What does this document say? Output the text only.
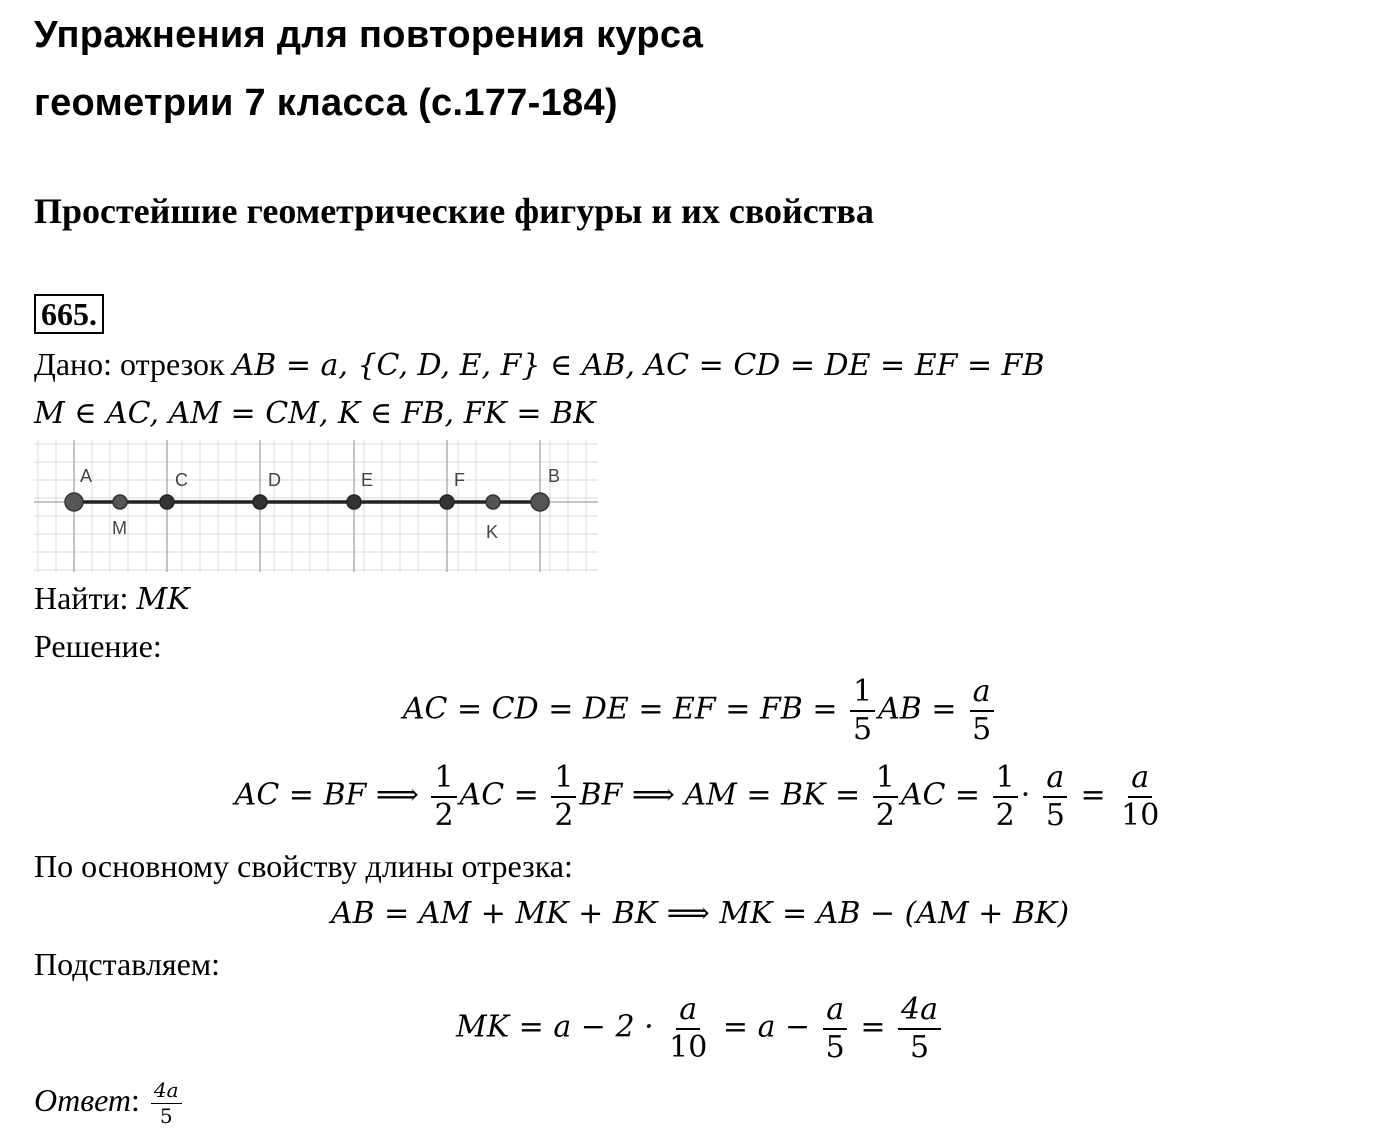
Упражнения для повторения курса
геометрии 7 класса (с.177-184)
Простейшие геометрические фигуры и их свойства
665.
Дано: отрезок AB = a, {C, D, E, F} ∈ AB, AC = CD = DE = EF = FB
M ∈ AC, AM = CM, K ∈ FB, FK = BK
A
M
C	D	E	F
K
B
Найти: MK
Решение:
AC = CD = DE = EF = FB = $\frac{1}{5}$ AB = $\frac{a}{5}$
AC = BF ⟹ $\frac{1}{2}$ AC = $\frac{1}{2}$ BF ⟹ AM = BK = $\frac{1}{2}$ AC = $\frac{1}{2} \cdot \frac{a}{5} = \frac{a}{10}$
По основному свойству длины отрезка:
AB = AM + MK + BK ⟹ MK = AB − (AM + BK)
Подставляем:
MK = $a - 2 \cdot \frac{a}{10} = a - \frac{a}{5} = \frac{4a}{5}$
Ответ: $\frac{4a}{5}$
